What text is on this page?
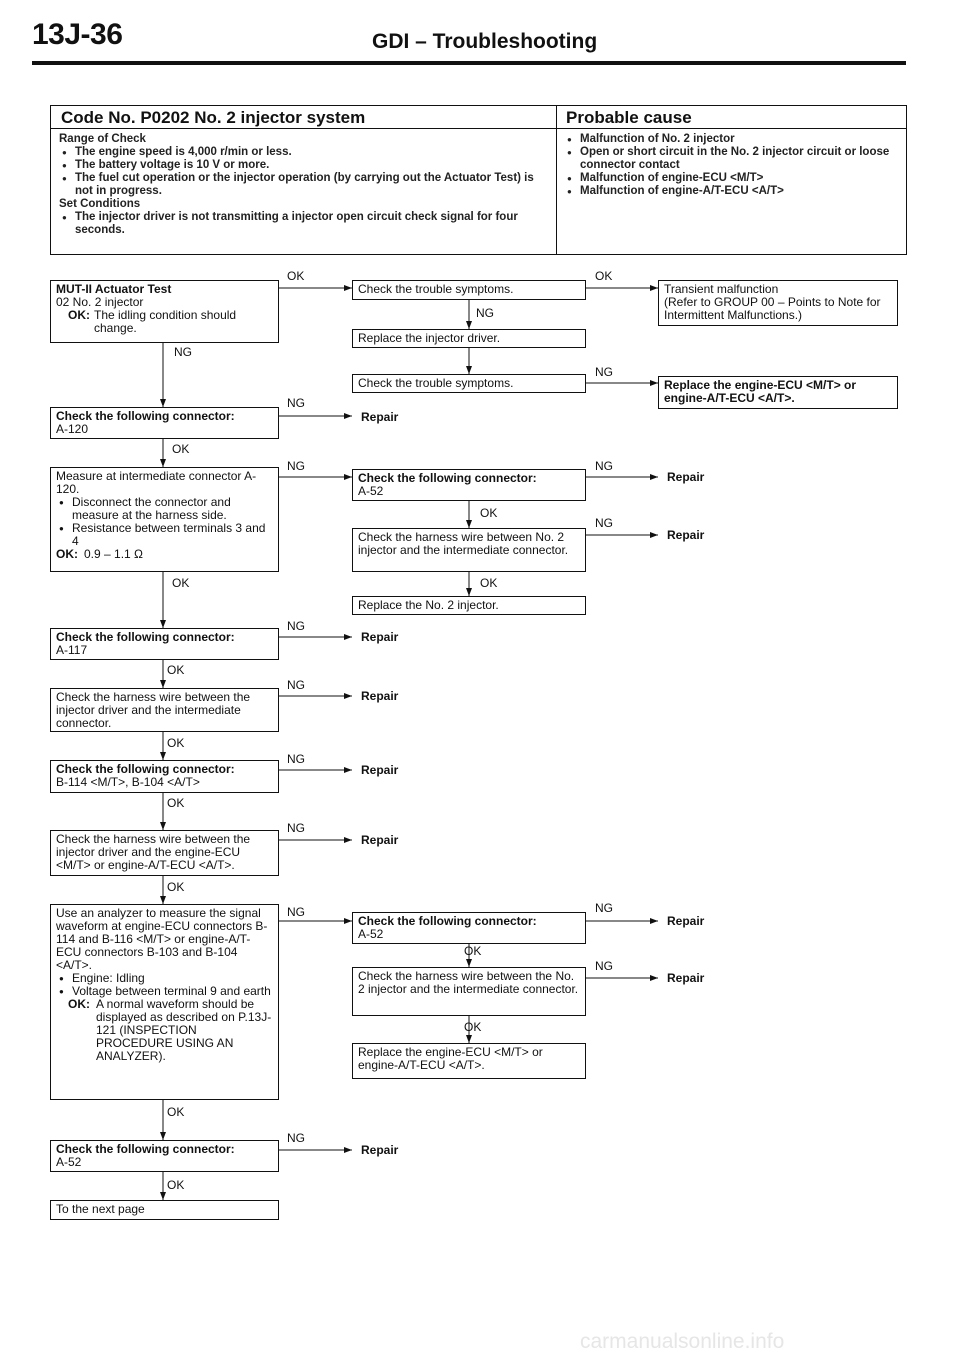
13J-36	GDI – Troubleshooting
Code No. P0202 No. 2 injector system	Probable cause
Range of Check
● The engine speed is 4,000 r/min or less.
● The battery voltage is 10 V or more.
● The fuel cut operation or the injector operation (by carrying out the Actuator Test) is not in progress.
Set Conditions
● The injector driver is not transmitting a injector open circuit check signal for four seconds.
● Malfunction of No. 2 injector
● Open or short circuit in the No. 2 injector circuit or loose connector contact
● Malfunction of engine-ECU <M/T>
● Malfunction of engine-A/T-ECU <A/T>
MUT-II Actuator Test
02 No. 2 injector
OK: The idling condition should change.
Check the following connector:
A-120
Measure at intermediate connector A-120.
● Disconnect the connector and measure at the harness side.
● Resistance between terminals 3 and 4
OK: 0.9 – 1.1 Ω
Check the following connector:
A-117
Check the harness wire between the injector driver and the intermediate connector.
Check the following connector:
B-114 <M/T>, B-104 <A/T>
Check the harness wire between the injector driver and the engine-ECU <M/T> or engine-A/T-ECU <A/T>.
Use an analyzer to measure the signal waveform at engine-ECU connectors B-114 and B-116 <M/T> or engine-A/T-ECU connectors B-103 and B-104 <A/T>.
● Engine: Idling
● Voltage between terminal 9 and earth
OK: A normal waveform should be displayed as described on P.13J-121 (INSPECTION PROCEDURE USING AN ANALYZER).
Check the following connector:
A-52
To the next page
Check the trouble symptoms.
Replace the injector driver.
Check the trouble symptoms.
Check the following connector:
A-52
Check the harness wire between No. 2 injector and the intermediate connector.
Replace the No. 2 injector.
Check the following connector:
A-52
Check the harness wire between the No. 2 injector and the intermediate connector.
Replace the engine-ECU <M/T> or engine-A/T-ECU <A/T>.
Transient malfunction
(Refer to GROUP 00 – Points to Note for Intermittent Malfunctions.)
Replace the engine-ECU <M/T> or engine-A/T-ECU <A/T>.
OK
NG
OK
NG
NG
NG
OK
NG	NG
OK
NG
OK	OK
NG
OK
NG
OK
NG
OK
NG
OK
NG	NG
OK
NG
OK
OK
NG
OK
Repair
Repair
Repair
Repair
Repair
Repair
Repair
Repair
Repair
Repair
carmanualsonline.info
